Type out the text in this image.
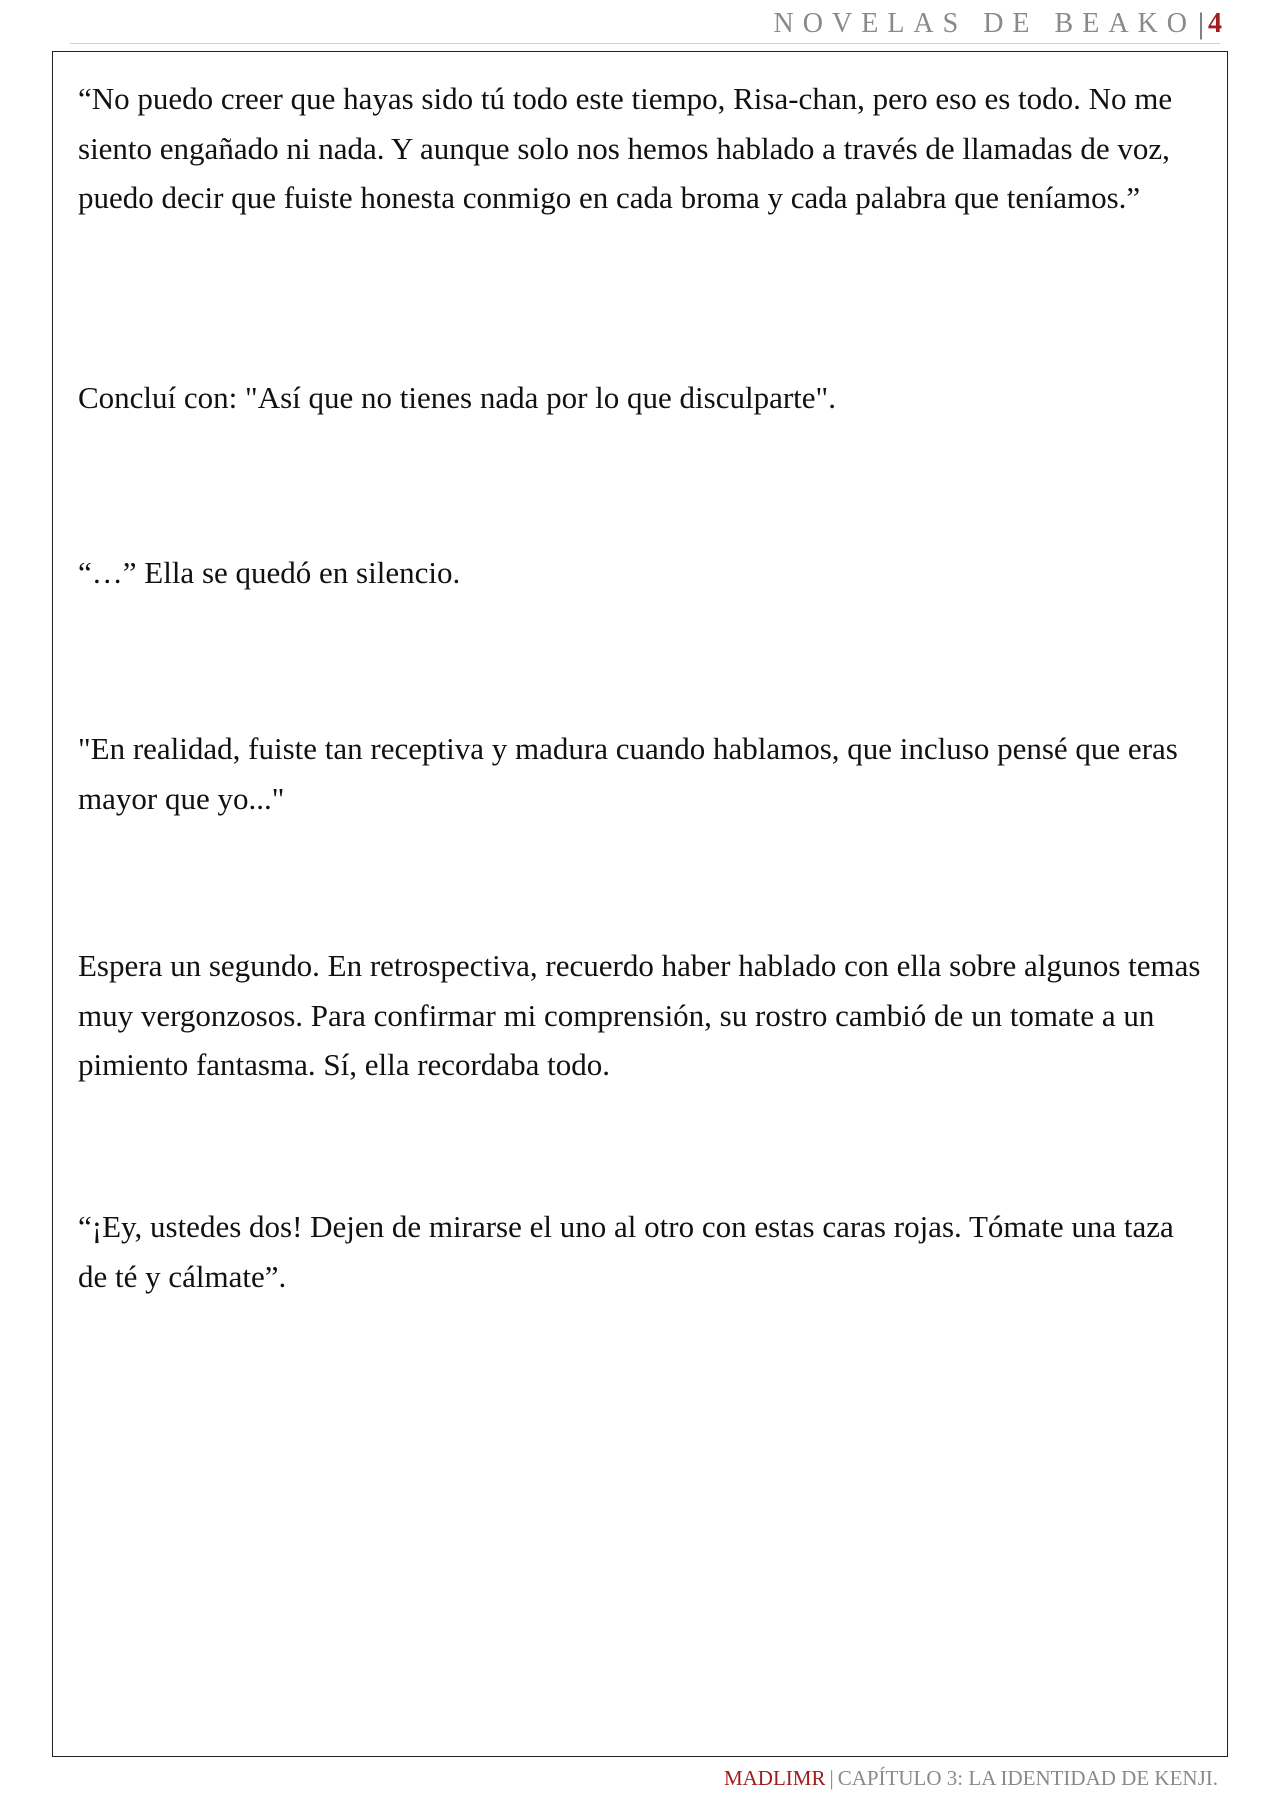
NOVELAS DE BEAKO | 4

“No puedo creer que hayas sido tú todo este tiempo, Risa-chan, pero eso es todo. No me siento engañado ni nada. Y aunque solo nos hemos hablado a través de llamadas de voz, puedo decir que fuiste honesta conmigo en cada broma y cada palabra que teníamos.”

Concluí con: "Así que no tienes nada por lo que disculparte".

“…” Ella se quedó en silencio.

"En realidad, fuiste tan receptiva y madura cuando hablamos, que incluso pensé que eras mayor que yo..."

Espera un segundo. En retrospectiva, recuerdo haber hablado con ella sobre algunos temas muy vergonzosos. Para confirmar mi comprensión, su rostro cambió de un tomate a un pimiento fantasma. Sí, ella recordaba todo.

“¡Ey, ustedes dos! Dejen de mirarse el uno al otro con estas caras rojas. Tómate una taza de té y cálmate”.

MADLIMR | CAPÍTULO 3: LA IDENTIDAD DE KENJI.
